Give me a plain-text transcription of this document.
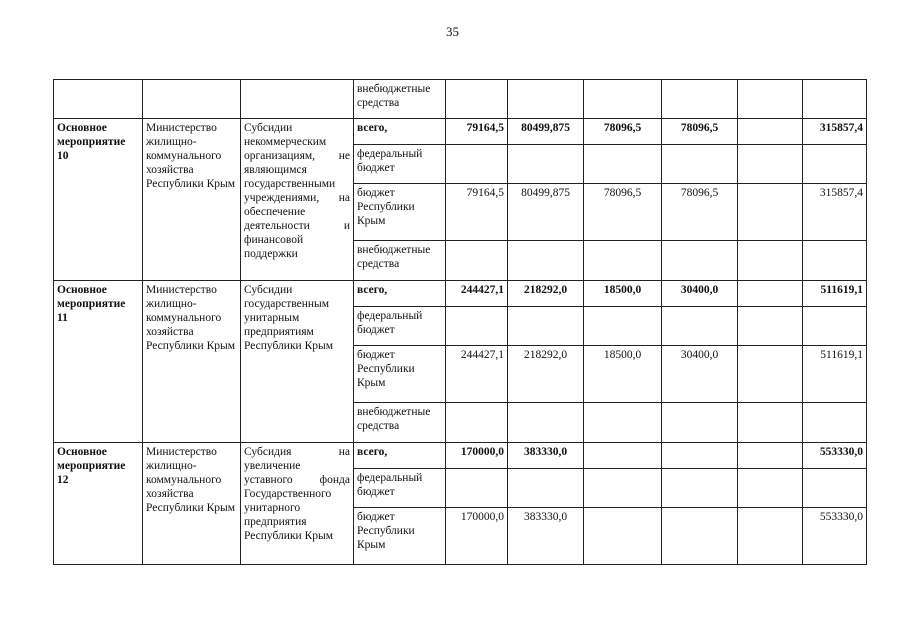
35
			внебюджетные средства						
Основное мероприятие 10	Министерство жилищно-коммунального хозяйства Республики Крым	Субсидии некоммерческим организациям, не являющимся государственными учреждениями, на обеспечение деятельности и финансовой поддержки	всего,	79164,5	80499,875	78096,5	78096,5		315857,4
			федеральный бюджет						
			бюджет Республики Крым	79164,5	80499,875	78096,5	78096,5		315857,4
			внебюджетные средства						
Основное мероприятие 11	Министерство жилищно-коммунального хозяйства Республики Крым	Субсидии государственным унитарным предприятиям Республики Крым	всего,	244427,1	218292,0	18500,0	30400,0		511619,1
			федеральный бюджет						
			бюджет Республики Крым	244427,1	218292,0	18500,0	30400,0		511619,1
			внебюджетные средства						
Основное мероприятие 12	Министерство жилищно-коммунального хозяйства Республики Крым	Субсидия на увеличение уставного фонда Государственного унитарного предприятия Республики Крым	всего,	170000,0	383330,0				553330,0
			федеральный бюджет						
			бюджет Республики Крым	170000,0	383330,0				553330,0
